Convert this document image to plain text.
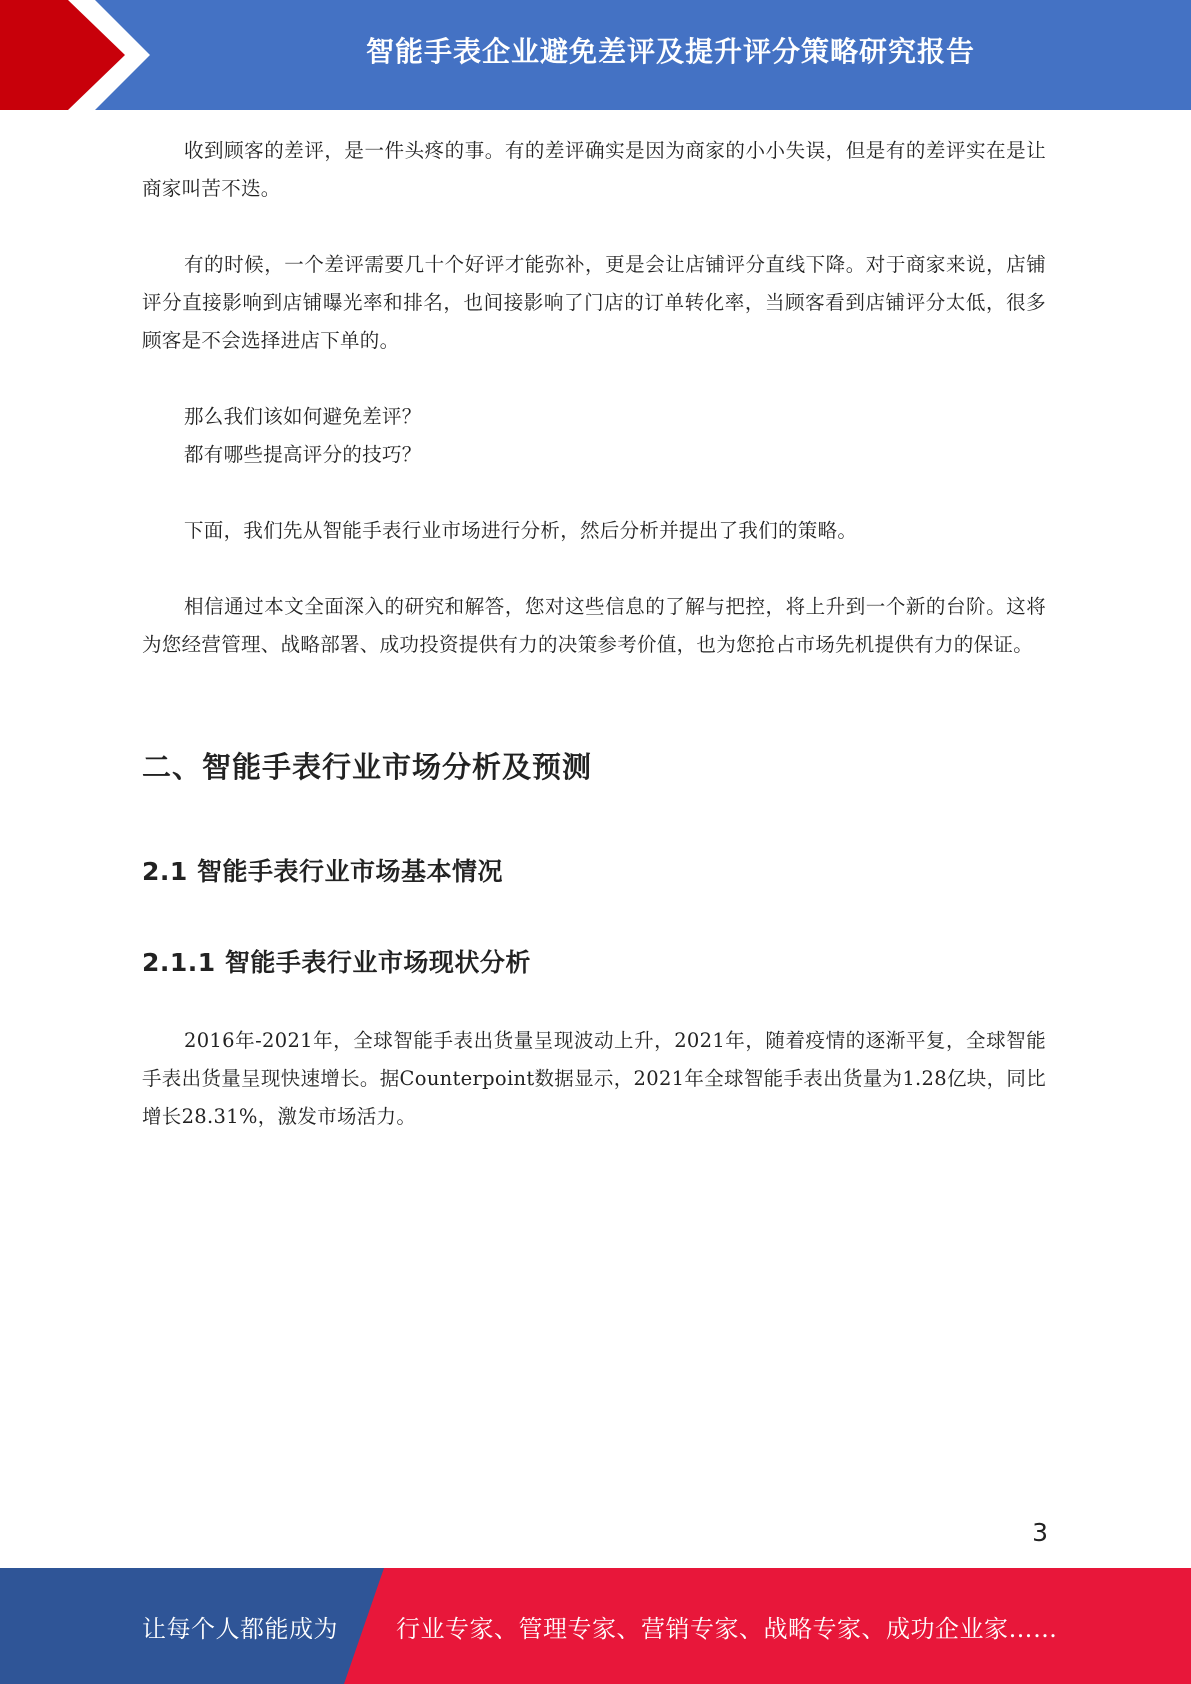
智能手表企业避免差评及提升评分策略研究报告

收到顾客的差评，是一件头疼的事。有的差评确实是因为商家的小小失误，但是有的差评实在是让商家叫苦不迭。

有的时候，一个差评需要几十个好评才能弥补，更是会让店铺评分直线下降。对于商家来说，店铺评分直接影响到店铺曝光率和排名，也间接影响了门店的订单转化率，当顾客看到店铺评分太低，很多顾客是不会选择进店下单的。

那么我们该如何避免差评？

都有哪些提高评分的技巧？

下面，我们先从智能手表行业市场进行分析，然后分析并提出了我们的策略。

相信通过本文全面深入的研究和解答，您对这些信息的了解与把控，将上升到一个新的台阶。这将为您经营管理、战略部署、成功投资提供有力的决策参考价值，也为您抢占市场先机提供有力的保证。

二、智能手表行业市场分析及预测
2.1 智能手表行业市场基本情况
2.1.1 智能手表行业市场现状分析

2016年-2021年，全球智能手表出货量呈现波动上升，2021年，随着疫情的逐渐平复，全球智能手表出货量呈现快速增长。据Counterpoint数据显示，2021年全球智能手表出货量为1.28亿块，同比增长28.31%，激发市场活力。

3
让每个人都能成为 行业专家、管理专家、营销专家、战略专家、成功企业家……
